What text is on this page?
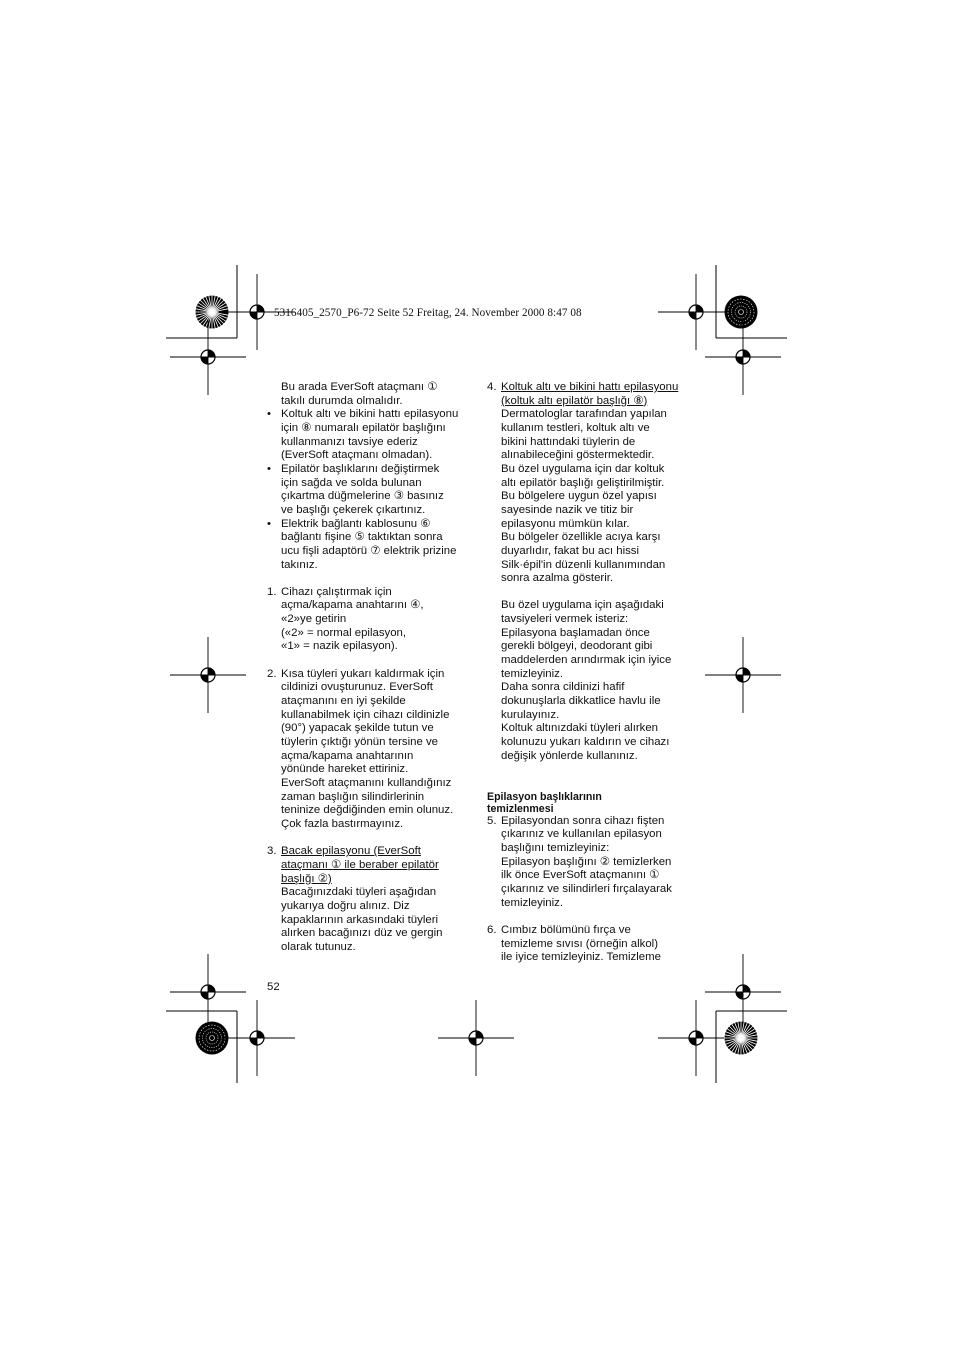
5316405_2570_P6-72 Seite 52 Freitag, 24. November 2000 8:47 08

Bu arada EverSoft ataçmanı ①

takılı durumda olmalıdır.

• Koltuk altı ve bikini hattı epilasyonu

için ⑧ numaralı epilatör başlığını

kullanmanızı tavsiye ederiz

(EverSoft ataçmanı olmadan).

• Epilatör başlıklarını değiştirmek

için sağda ve solda bulunan

çıkartma düğmelerine ③ basınız

ve başlığı çekerek çıkartınız.

• Elektrik bağlantı kablosunu ⑥

bağlantı fişine ⑤ taktıktan sonra

ucu fişli adaptörü ⑦ elektrik prizine

takınız.

1. Cihazı çalıştırmak için

açma/kapama anahtarını ④,

«2»ye getirin

(«2» = normal epilasyon,

«1» = nazik epilasyon).

2. Kısa tüyleri yukarı kaldırmak için

cildinizi ovuşturunuz. EverSoft

ataçmanını en iyi şekilde

kullanabilmek için cihazı cildinizle

(90°) yapacak şekilde tutun ve

tüylerin çıktığı yönün tersine ve

açma/kapama anahtarının

yönünde hareket ettiriniz.

EverSoft ataçmanını kullandığınız

zaman başlığın silindirlerinin

teninize değdiğinden emin olunuz.

Çok fazla bastırmayınız.

3. Bacak epilasyonu (EverSoft

ataçmanı ① ile beraber epilatör

başlığı ②)

Bacağınızdaki tüyleri aşağıdan

yukarıya doğru alınız. Diz

kapaklarının arkasındaki tüyleri

alırken bacağınızı düz ve gergin

olarak tutunuz.

4. Koltuk altı ve bikini hattı epilasyonu

(koltuk altı epilatör başlığı ⑧)

Dermatologlar tarafından yapılan

kullanım testleri, koltuk altı ve

bikini hattındaki tüylerin de

alınabileceğini göstermektedir.

Bu özel uygulama için dar koltuk

altı epilatör başlığı geliştirilmiştir.

Bu bölgelere uygun özel yapısı

sayesinde nazik ve titiz bir

epilasyonu mümkün kılar.

Bu bölgeler özellikle acıya karşı

duyarlıdır, fakat bu acı hissi

Silk·épil'in düzenli kullanımından

sonra azalma gösterir.

Bu özel uygulama için aşağıdaki

tavsiyeleri vermek isteriz:

Epilasyona başlamadan önce

gerekli bölgeyi, deodorant gibi

maddelerden arındırmak için iyice

temizleyiniz.

Daha sonra cildinizi hafif

dokunuşlarla dikkatlice havlu ile

kurulayınız.

Koltuk altınızdaki tüyleri alırken

kolunuzu yukarı kaldırın ve cihazı

değişik yönlerde kullanınız.

Epilasyon başlıklarının

temizlenmesi

5. Epilasyondan sonra cihazı fişten

çıkarınız ve kullanılan epilasyon

başlığını temizleyiniz:

Epilasyon başlığını ② temizlerken

ilk önce EverSoft ataçmanını ①

çıkarınız ve silindirleri fırçalayarak

temizleyiniz.

6. Cımbız bölümünü fırça ve

temizleme sıvısı (örneğin alkol)

ile iyice temizleyiniz. Temizleme

52
